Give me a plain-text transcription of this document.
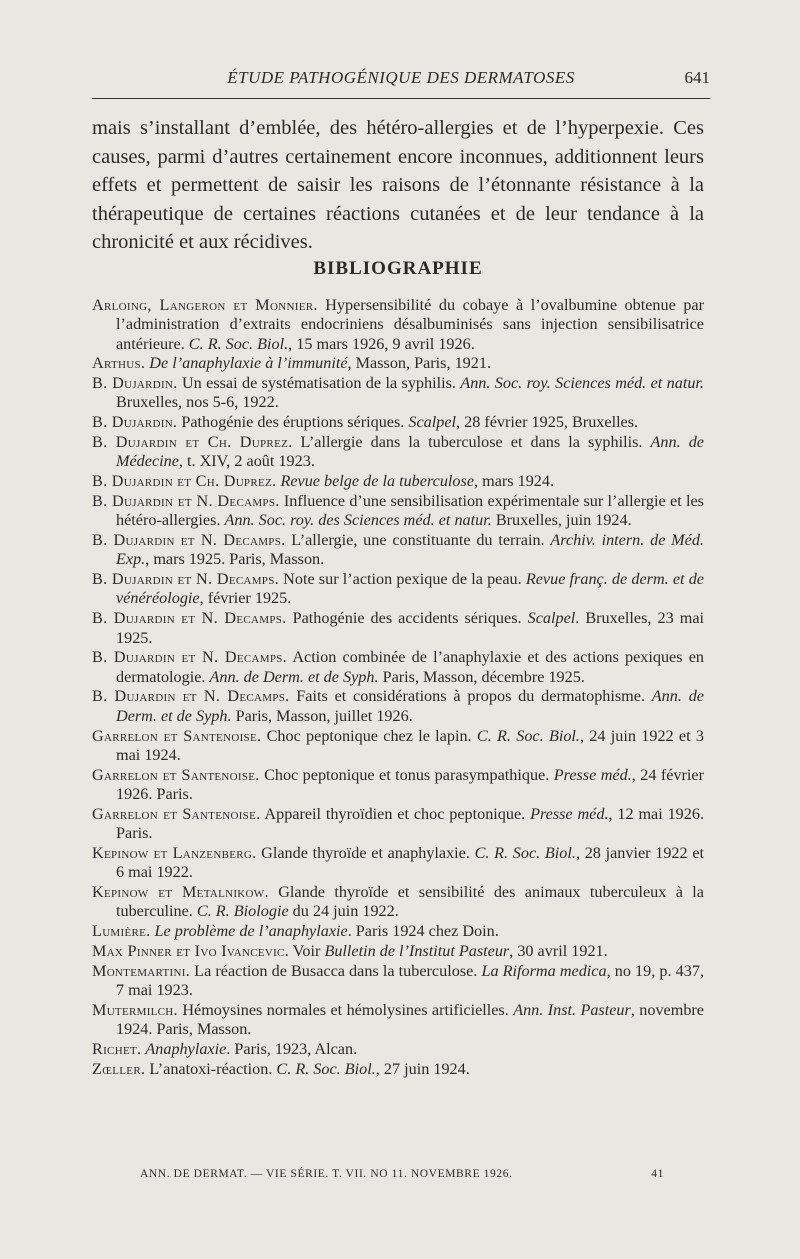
ÉTUDE PATHOGÉNIQUE DES DERMATOSES	641

mais s’installant d’emblée, des hétéro-allergies et de l’hyperpexie. Ces causes, parmi d’autres certainement encore inconnues, additionnent leurs effets et permettent de saisir les raisons de l’étonnante résistance à la thérapeutique de certaines réactions cutanées et de leur tendance à la chronicité et aux récidives.

BIBLIOGRAPHIE
Arloing, Langeron et Monnier. Hypersensibilité du cobaye à l’ovalbumine obtenue par l’administration d’extraits endocriniens désalbuminisés sans injection sensibilisatrice antérieure. C. R. Soc. Biol., 15 mars 1926, 9 avril 1926.
Arthus. De l’anaphylaxie à l’immunité, Masson, Paris, 1921.
B. Dujardin. Un essai de systématisation de la syphilis. Ann. Soc. roy. Sciences méd. et natur. Bruxelles, nos 5-6, 1922.
B. Dujardin. Pathogénie des éruptions sériques. Scalpel, 28 février 1925, Bruxelles.
B. Dujardin et Ch. Duprez. L’allergie dans la tuberculose et dans la syphilis. Ann. de Médecine, t. XIV, 2 août 1923.
B. Dujardin et Ch. Duprez. Revue belge de la tuberculose, mars 1924.
B. Dujardin et N. Decamps. Influence d’une sensibilisation expérimentale sur l’allergie et les hétéro-allergies. Ann. Soc. roy. des Sciences méd. et natur. Bruxelles, juin 1924.
B. Dujardin et N. Decamps. L’allergie, une constituante du terrain. Archiv. intern. de Méd. Exp., mars 1925. Paris, Masson.
B. Dujardin et N. Decamps. Note sur l’action pexique de la peau. Revue franç. de derm. et de vénéréologie, février 1925.
B. Dujardin et N. Decamps. Pathogénie des accidents sériques. Scalpel. Bruxelles, 23 mai 1925.
B. Dujardin et N. Decamps. Action combinée de l’anaphylaxie et des actions pexiques en dermatologie. Ann. de Derm. et de Syph. Paris, Masson, décembre 1925.
B. Dujardin et N. Decamps. Faits et considérations à propos du dermatophisme. Ann. de Derm. et de Syph. Paris, Masson, juillet 1926.
Garrelon et Santenoise. Choc peptonique chez le lapin. C. R. Soc. Biol., 24 juin 1922 et 3 mai 1924.
Garrelon et Santenoise. Choc peptonique et tonus parasympathique. Presse méd., 24 février 1926. Paris.
Garrelon et Santenoise. Appareil thyroïdien et choc peptonique. Presse méd., 12 mai 1926. Paris.
Kepinow et Lanzenberg. Glande thyroïde et anaphylaxie. C. R. Soc. Biol., 28 janvier 1922 et 6 mai 1922.
Kepinow et Metalnikow. Glande thyroïde et sensibilité des animaux tuberculeux à la tuberculine. C. R. Biologie du 24 juin 1922.
Lumière. Le problème de l’anaphylaxie. Paris 1924 chez Doin.
Max Pinner et Ivo Ivancevic. Voir Bulletin de l’Institut Pasteur, 30 avril 1921.
Montemartini. La réaction de Busacca dans la tuberculose. La Riforma medica, no 19, p. 437, 7 mai 1923.
Mutermilch. Hémoysines normales et hémolysines artificielles. Ann. Inst. Pasteur, novembre 1924. Paris, Masson.
Richet. Anaphylaxie. Paris, 1923, Alcan.
Zœller. L’anatoxi-réaction. C. R. Soc. Biol., 27 juin 1924.
ANN. DE DERMAT. — VIE SÉRIE. T. VII. NO 11. NOVEMBRE 1926.	41
